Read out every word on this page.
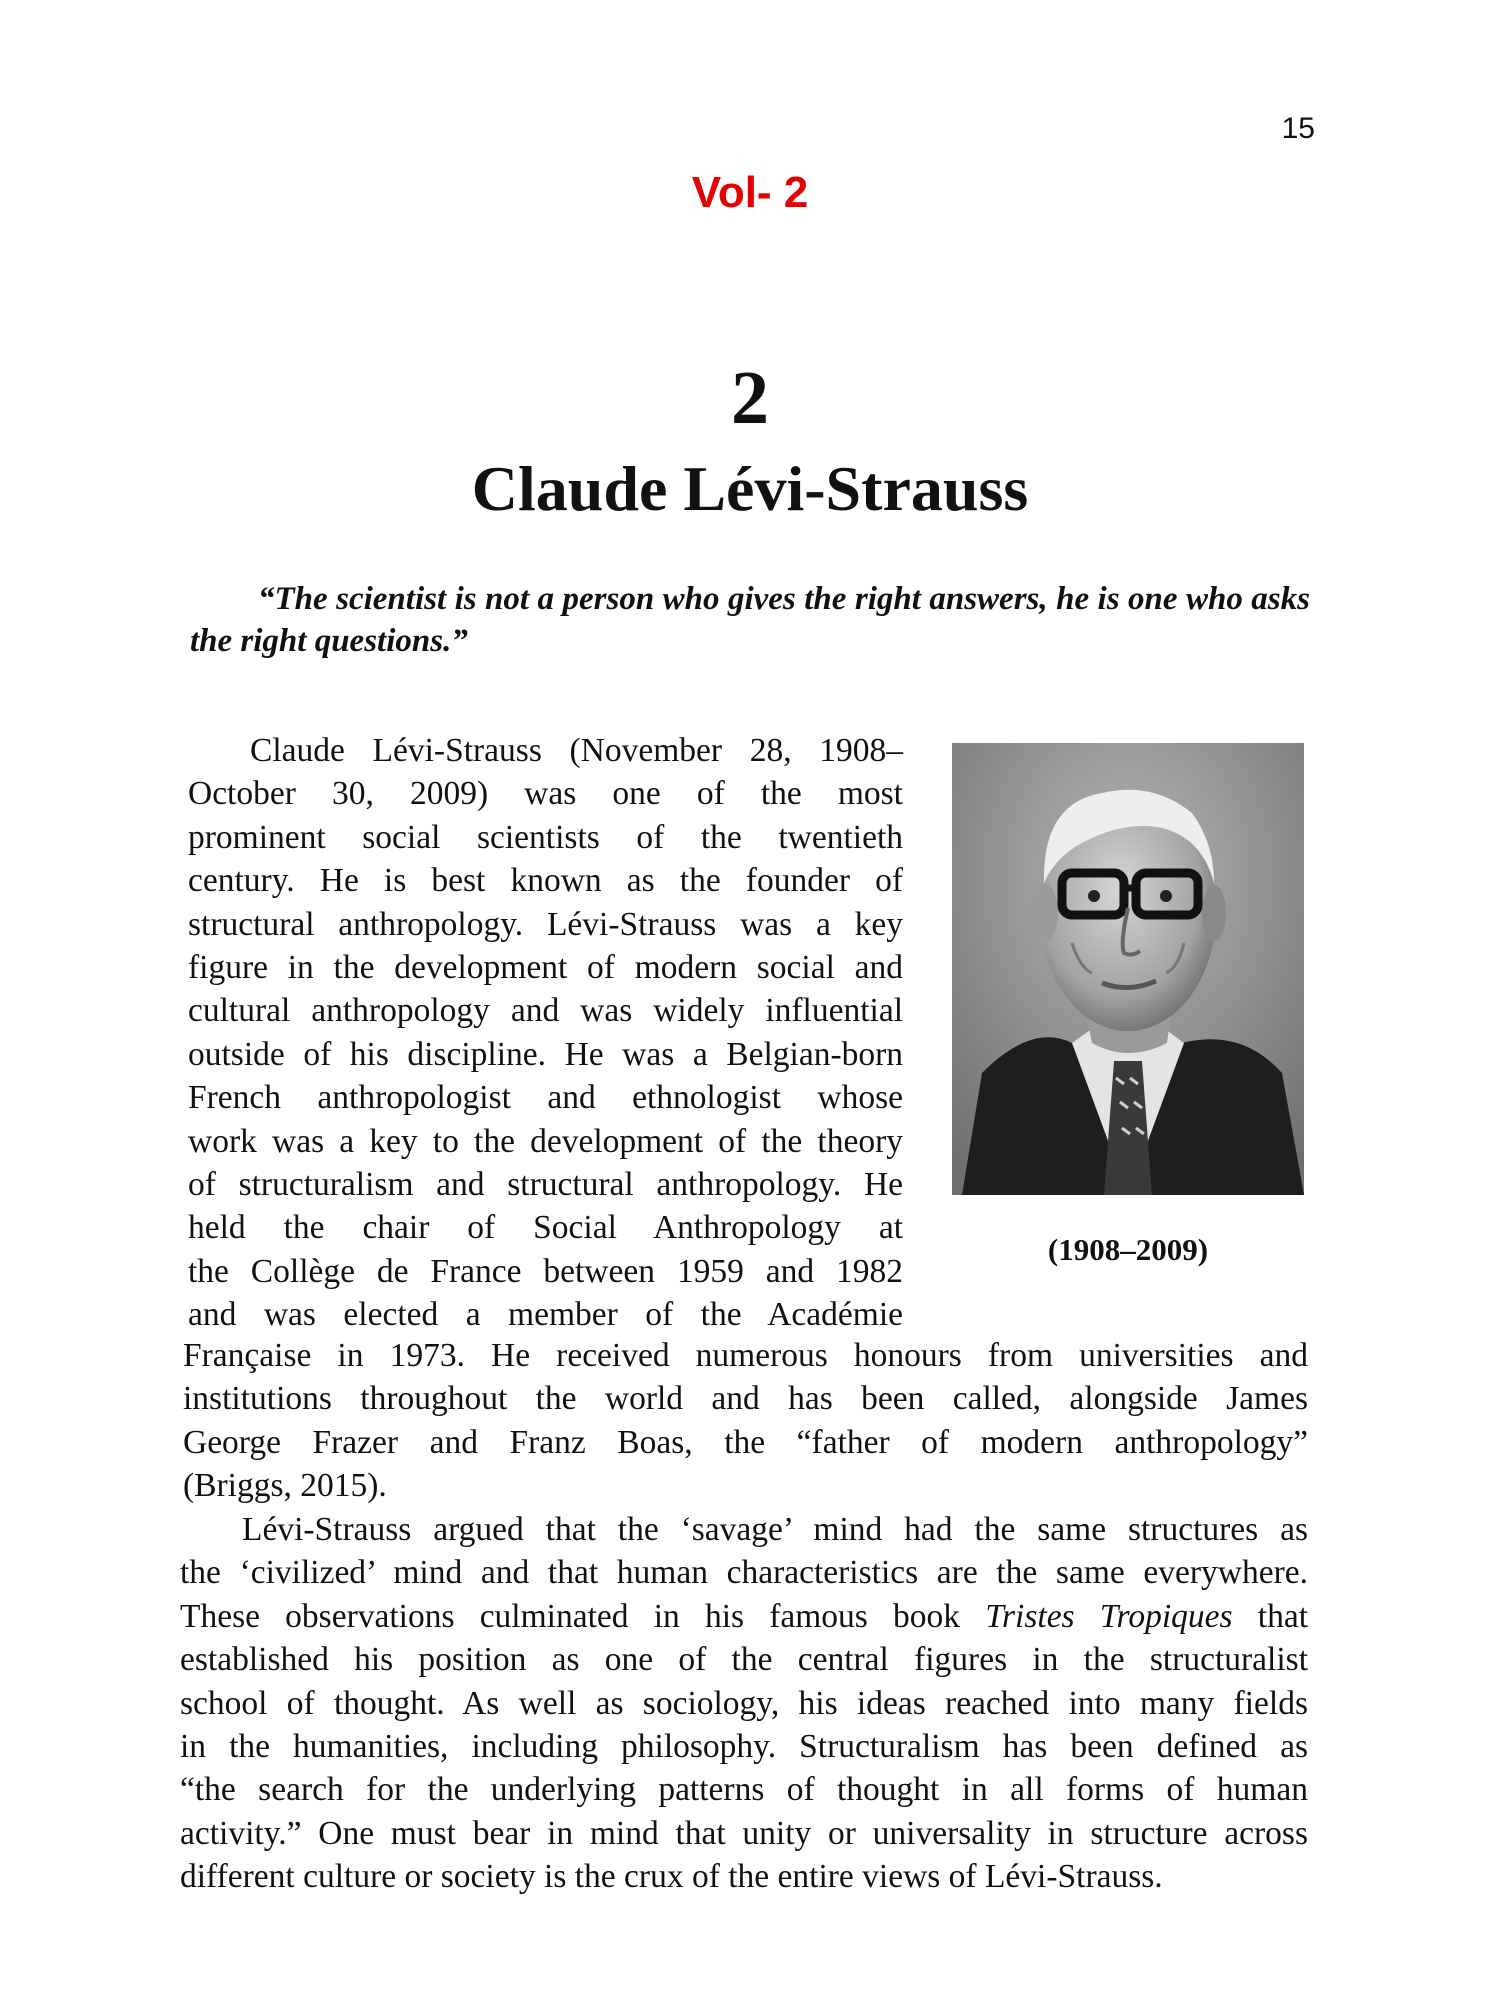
15
Vol- 2
2
Claude Lévi-Strauss

“The scientist is not a person who gives the right answers, he is one who asks the right questions.”

(1908–2009)

Claude Lévi-Strauss (November 28, 1908–
October 30, 2009) was one of the most
prominent social scientists of the twentieth
century. He is best known as the founder of
structural anthropology. Lévi-Strauss was a key
figure in the development of modern social and
cultural anthropology and was widely influential
outside of his discipline. He was a Belgian-born
French anthropologist and ethnologist whose
work was a key to the development of the theory
of structuralism and structural anthropology. He
held the chair of Social Anthropology at
the Collège de France between 1959 and 1982
and was elected a member of the Académie

Française in 1973. He received numerous honours from universities and
institutions throughout the world and has been called, alongside James
George Frazer and Franz Boas, the “father of modern anthropology”
(Briggs, 2015).

Lévi-Strauss argued that the ‘savage’ mind had the same structures as
the ‘civilized’ mind and that human characteristics are the same everywhere.
These observations culminated in his famous book Tristes Tropiques that
established his position as one of the central figures in the structuralist
school of thought. As well as sociology, his ideas reached into many fields
in the humanities, including philosophy. Structuralism has been defined as
“the search for the underlying patterns of thought in all forms of human
activity.” One must bear in mind that unity or universality in structure across
different culture or society is the crux of the entire views of Lévi-Strauss.
